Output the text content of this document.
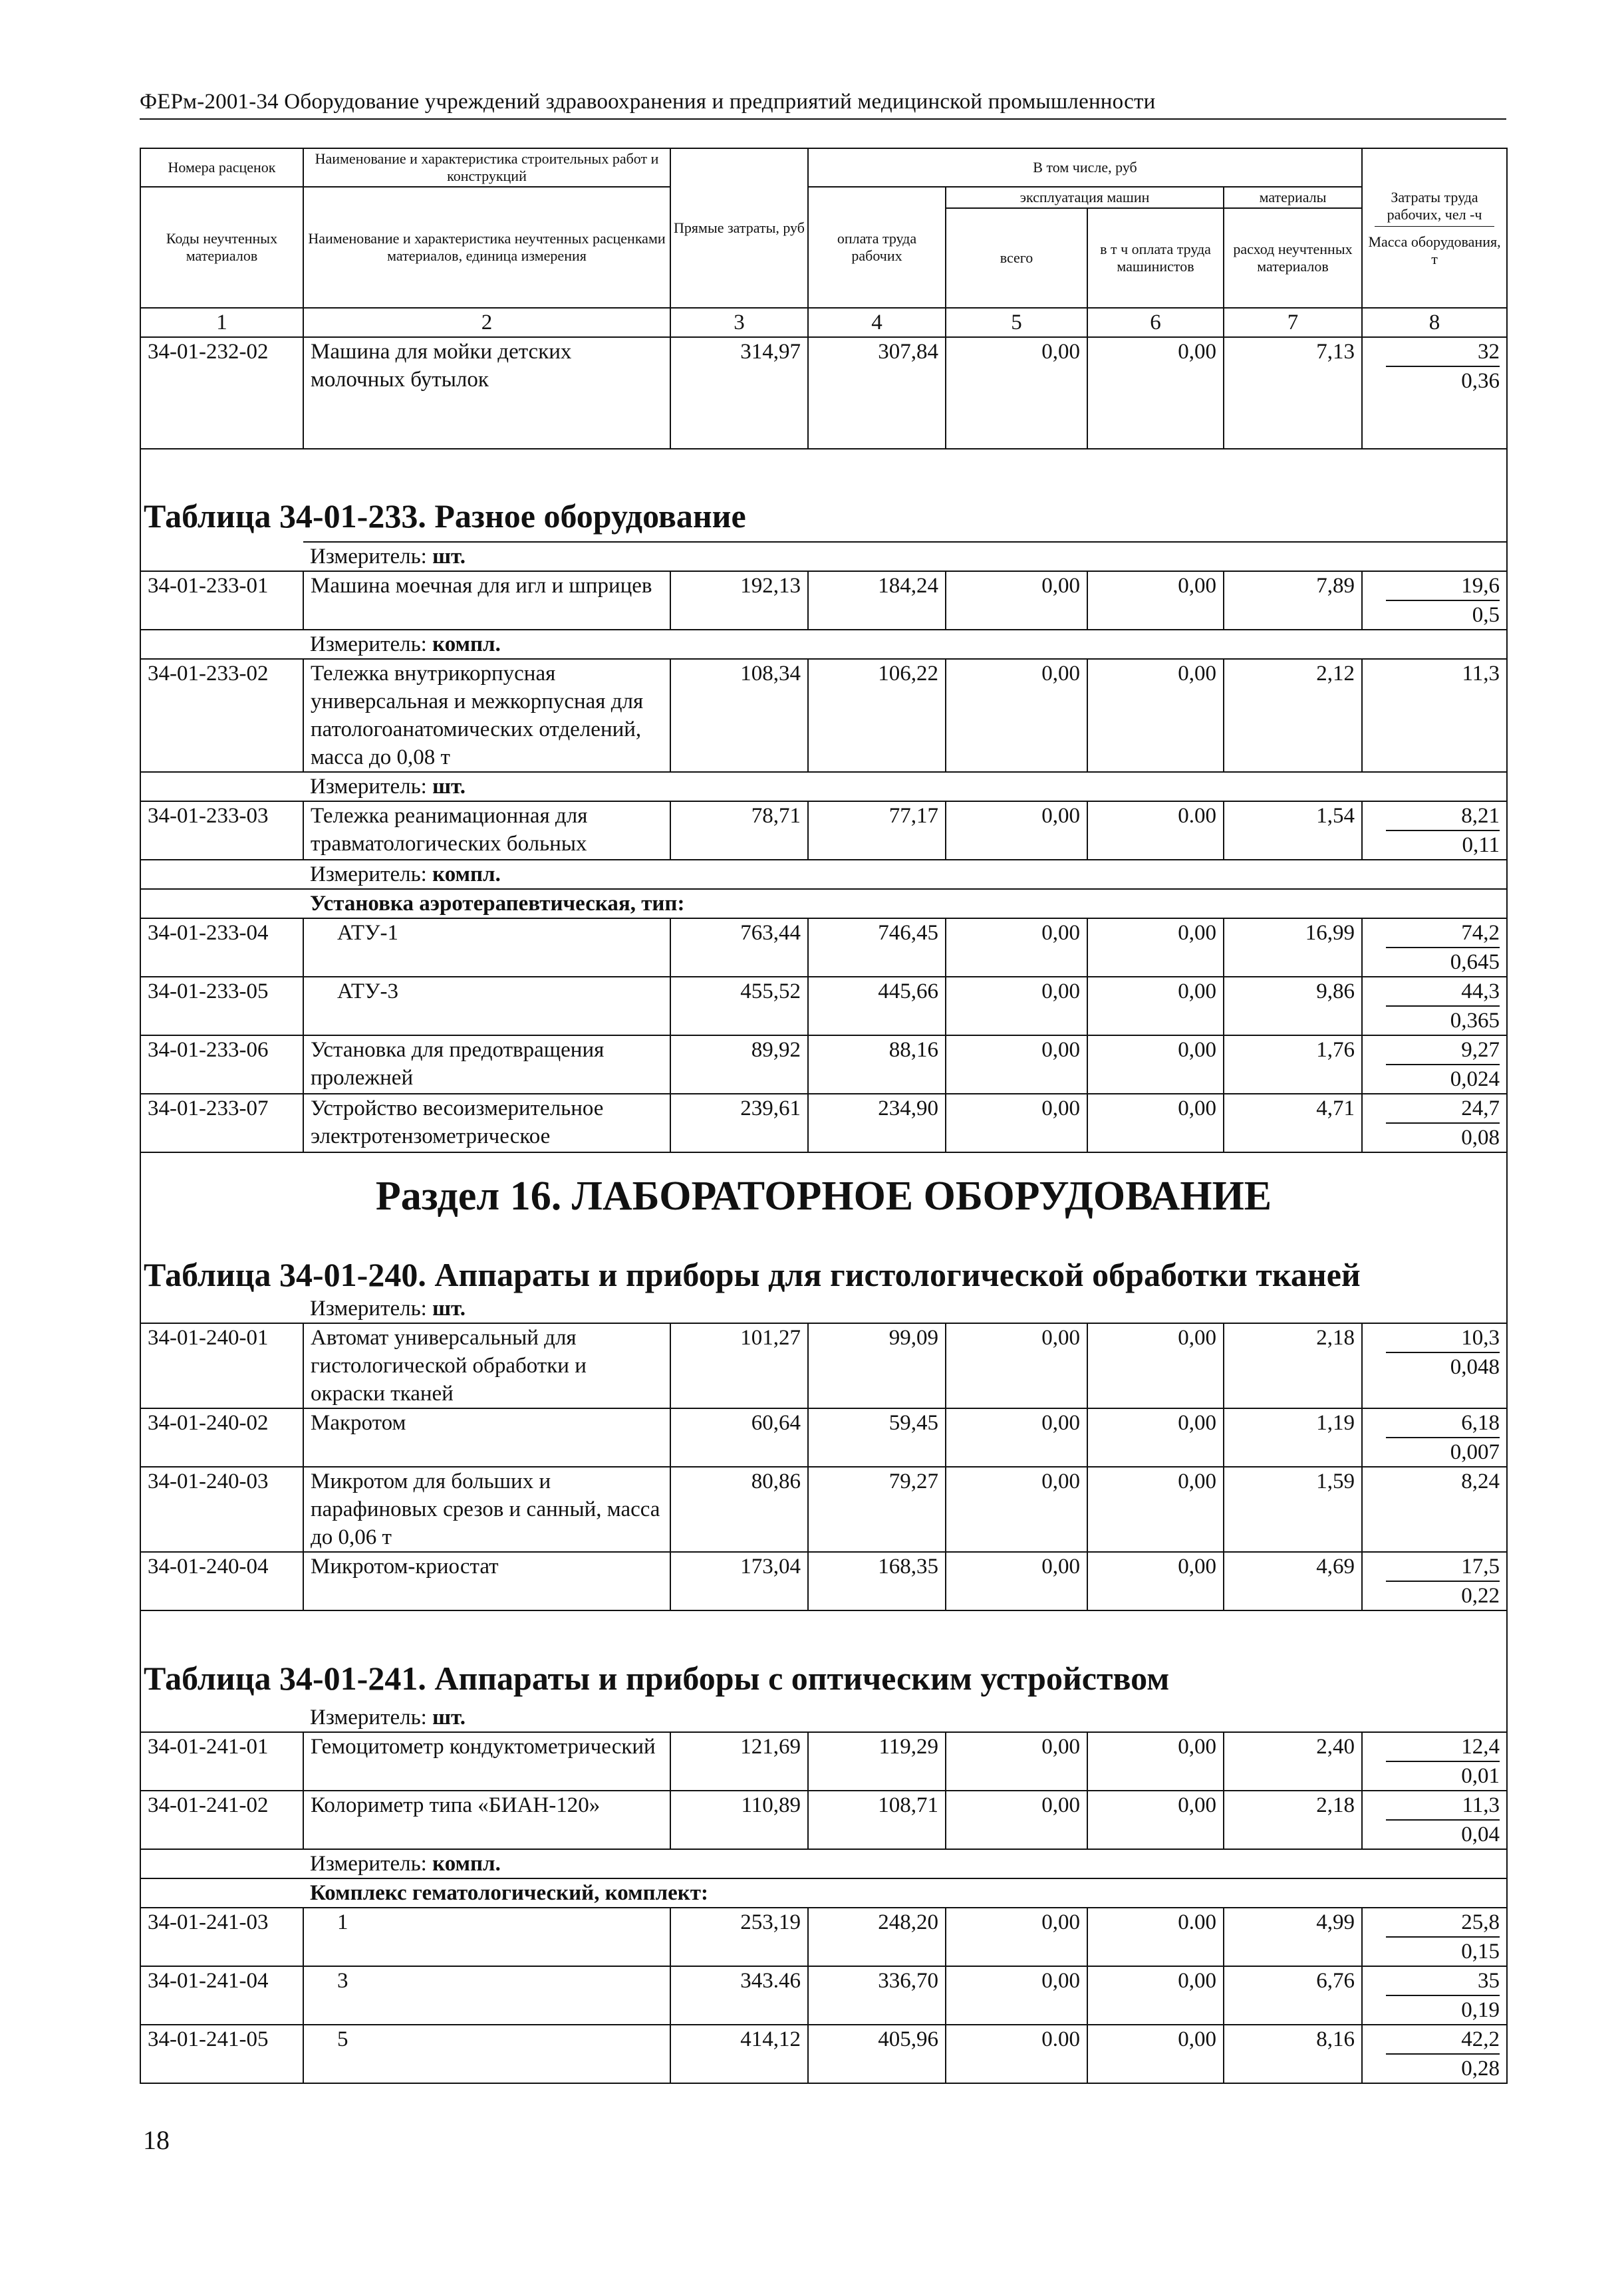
ФЕРм-2001-34 Оборудование учреждений здравоохранения и предприятий медицинской промышленности
Номера расценок	Наименование и характеристика строительных работ и конструкций	Прямые затраты, руб	В том числе, руб				Затраты труда рабочих, чел -ч
Масса оборудования, т

Коды неучтенных материалов	Наименование и характеристика неучтенных расценками материалов, единица измерения		оплата труда рабочих	эксплуатация машин		материалы	
				всего	в т ч оплата труда машинистов	расход неучтенных материалов	
1	2	3	4	5	6	7	8
34-01-232-02	Машина для мойки детских молочных бутылок	314,97	307,84	0,00	0,00	7,13	32
0,36
Таблица 34-01-233. Разное оборудование							
	Измеритель: шт.						
34-01-233-01	Машина моечная для игл и шприцев	192,13	184,24	0,00	0,00	7,89	19,6
0,5
	Измеритель: компл.						
34-01-233-02	Тележка внутрикорпусная универсальная и межкорпусная для патологоанатомических отделений, масса до 0,08 т	108,34	106,22	0,00	0,00	2,12	11,3
	Измеритель: шт.						
34-01-233-03	Тележка реанимационная для травматологических больных	78,71	77,17	0,00	0.00	1,54	8,21
0,11
	Измеритель: компл.						
	Установка аэротерапевтическая, тип:						
34-01-233-04	АТУ-1	763,44	746,45	0,00	0,00	16,99	74,2
0,645
34-01-233-05	АТУ-3	455,52	445,66	0,00	0,00	9,86	44,3
0,365
34-01-233-06	Установка для предотвращения пролежней	89,92	88,16	0,00	0,00	1,76	9,27
0,024
34-01-233-07	Устройство весоизмерительное электротензометрическое	239,61	234,90	0,00	0,00	4,71	24,7
0,08
Раздел 16. ЛАБОРАТОРНОЕ ОБОРУДОВАНИЕ							
Таблица 34-01-240. Аппараты и приборы для гистологической обработки тканей							
	Измеритель: шт.						
34-01-240-01	Автомат универсальный для гистологической обработки и окраски тканей	101,27	99,09	0,00	0,00	2,18	10,3
0,048
34-01-240-02	Макротом	60,64	59,45	0,00	0,00	1,19	6,18
0,007
34-01-240-03	Микротом для больших и парафиновых срезов и санный, масса до 0,06 т	80,86	79,27	0,00	0,00	1,59	8,24
34-01-240-04	Микротом-криостат	173,04	168,35	0,00	0,00	4,69	17,5
0,22
Таблица 34-01-241. Аппараты и приборы с оптическим устройством							
	Измеритель: шт.						
34-01-241-01	Гемоцитометр кондуктометрический	121,69	119,29	0,00	0,00	2,40	12,4
0,01
34-01-241-02	Колориметр типа «БИАН-120»	110,89	108,71	0,00	0,00	2,18	11,3
0,04
	Измеритель: компл.						
	Комплекс гематологический, комплект:						
34-01-241-03	1	253,19	248,20	0,00	0.00	4,99	25,8
0,15
34-01-241-04	3	343.46	336,70	0,00	0,00	6,76	35
0,19
34-01-241-05	5	414,12	405,96	0.00	0,00	8,16	42,2
0,28
18
